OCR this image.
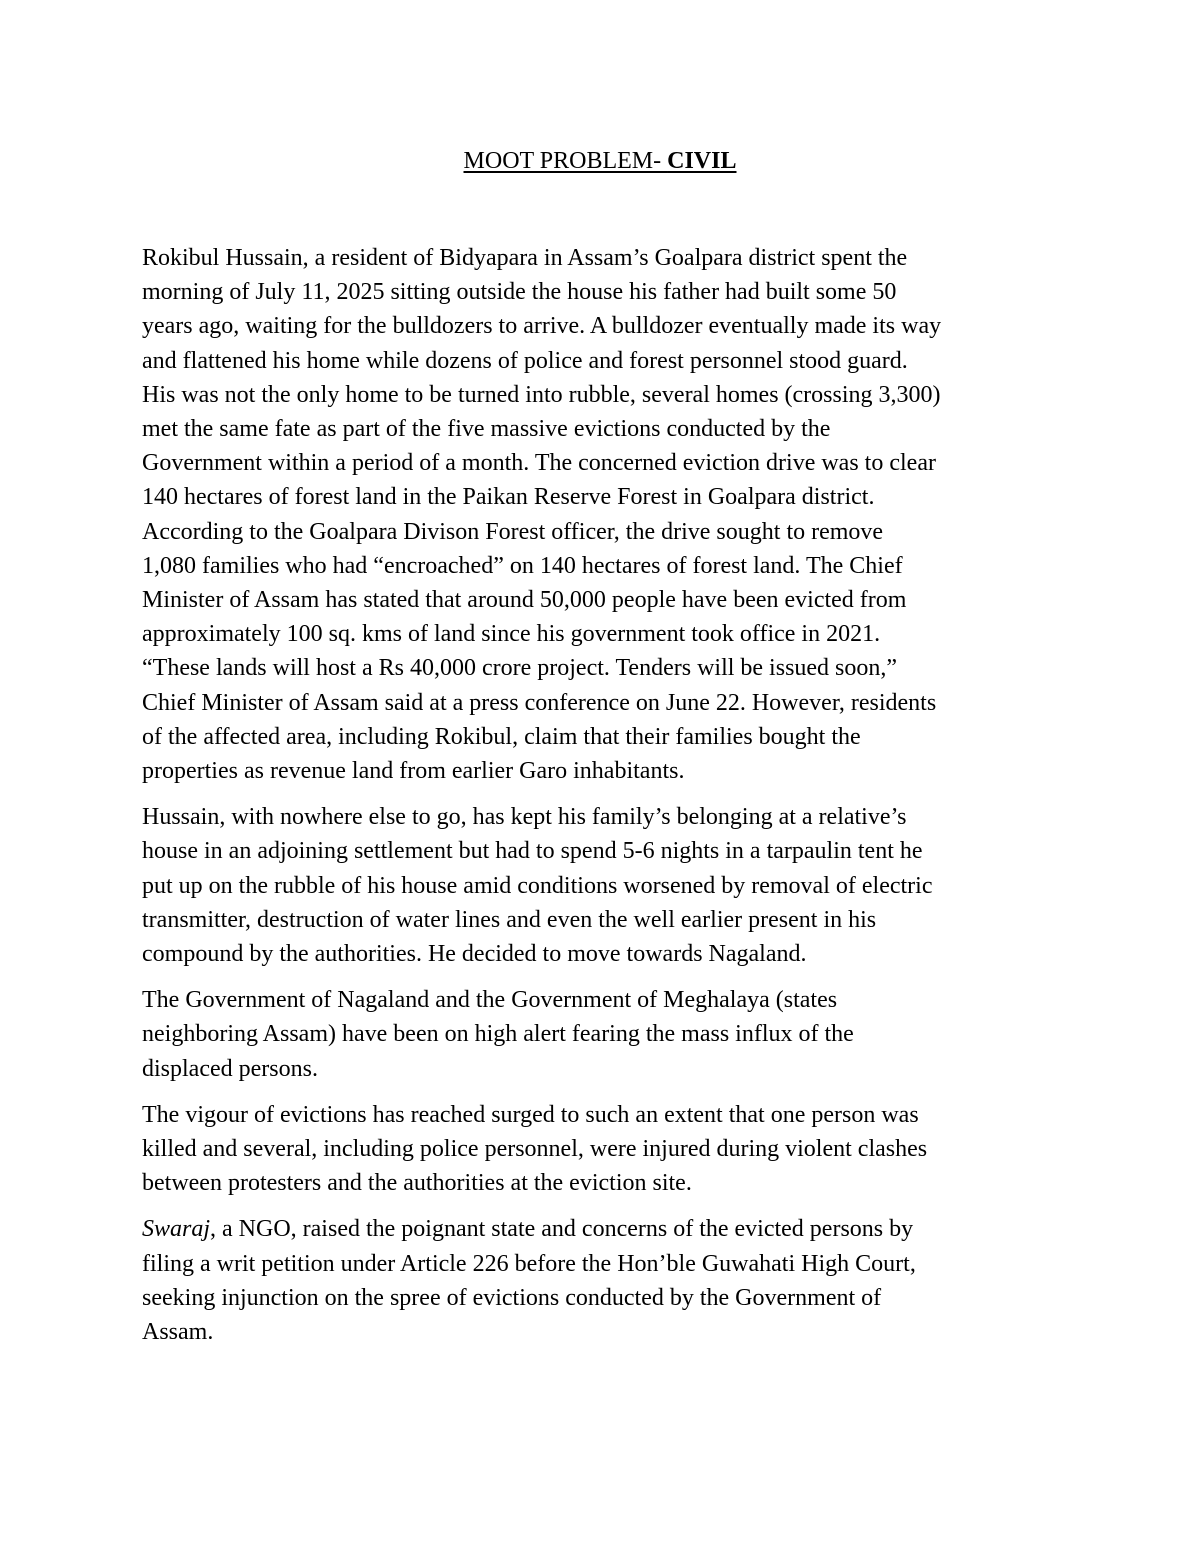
MOOT PROBLEM- CIVIL

Rokibul Hussain, a resident of Bidyapara in Assam’s Goalpara district spent the
morning of July 11, 2025 sitting outside the house his father had built some 50
years ago, waiting for the bulldozers to arrive. A bulldozer eventually made its way
and flattened his home while dozens of police and forest personnel stood guard.
His was not the only home to be turned into rubble, several homes (crossing 3,300)
met the same fate as part of the five massive evictions conducted by the
Government within a period of a month. The concerned eviction drive was to clear
140 hectares of forest land in the Paikan Reserve Forest in Goalpara district.
According to the Goalpara Divison Forest officer, the drive sought to remove
1,080 families who had “encroached” on 140 hectares of forest land. The Chief
Minister of Assam has stated that around 50,000 people have been evicted from
approximately 100 sq. kms of land since his government took office in 2021.
“These lands will host a Rs 40,000 crore project. Tenders will be issued soon,”
Chief Minister of Assam said at a press conference on June 22. However, residents
of the affected area, including Rokibul, claim that their families bought the
properties as revenue land from earlier Garo inhabitants.

Hussain, with nowhere else to go, has kept his family’s belonging at a relative’s
house in an adjoining settlement but had to spend 5-6 nights in a tarpaulin tent he
put up on the rubble of his house amid conditions worsened by removal of electric
transmitter, destruction of water lines and even the well earlier present in his
compound by the authorities. He decided to move towards Nagaland.

The Government of Nagaland and the Government of Meghalaya (states
neighboring Assam) have been on high alert fearing the mass influx of the
displaced persons.

The vigour of evictions has reached surged to such an extent that one person was
killed and several, including police personnel, were injured during violent clashes
between protesters and the authorities at the eviction site.

Swaraj, a NGO, raised the poignant state and concerns of the evicted persons by
filing a writ petition under Article 226 before the Hon’ble Guwahati High Court,
seeking injunction on the spree of evictions conducted by the Government of
Assam.
